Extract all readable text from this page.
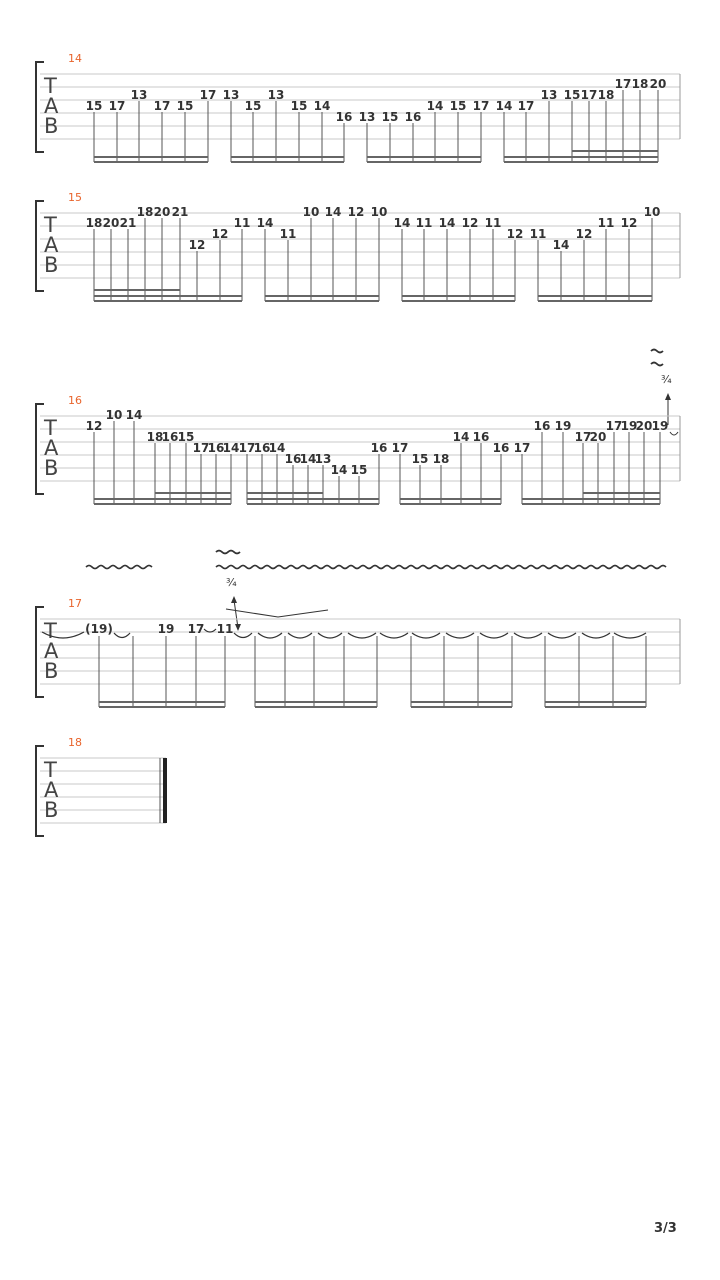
14
T
A
B
15 17
13
17 15
17 13
15
13
15 14
16 13 15 16
14 15 17 14 17
13 15 17 18
17 18 20
15
T
A
B
18 20 21
18 20 21
12
12
11 14
11
10 14 12 10
14 11 14 12 11
12 11
14
12
11 12
10
¾
16
T
A
B
12
10 14
18
16 15
17
16
14 17
16
14
16
14
13
14 15
16 17
15 18
14 16
16 17
16 19
17
20
17
19
20 19
¾
17
T
A
B
(19)	19 17 11
18
T
A
B
3/3
